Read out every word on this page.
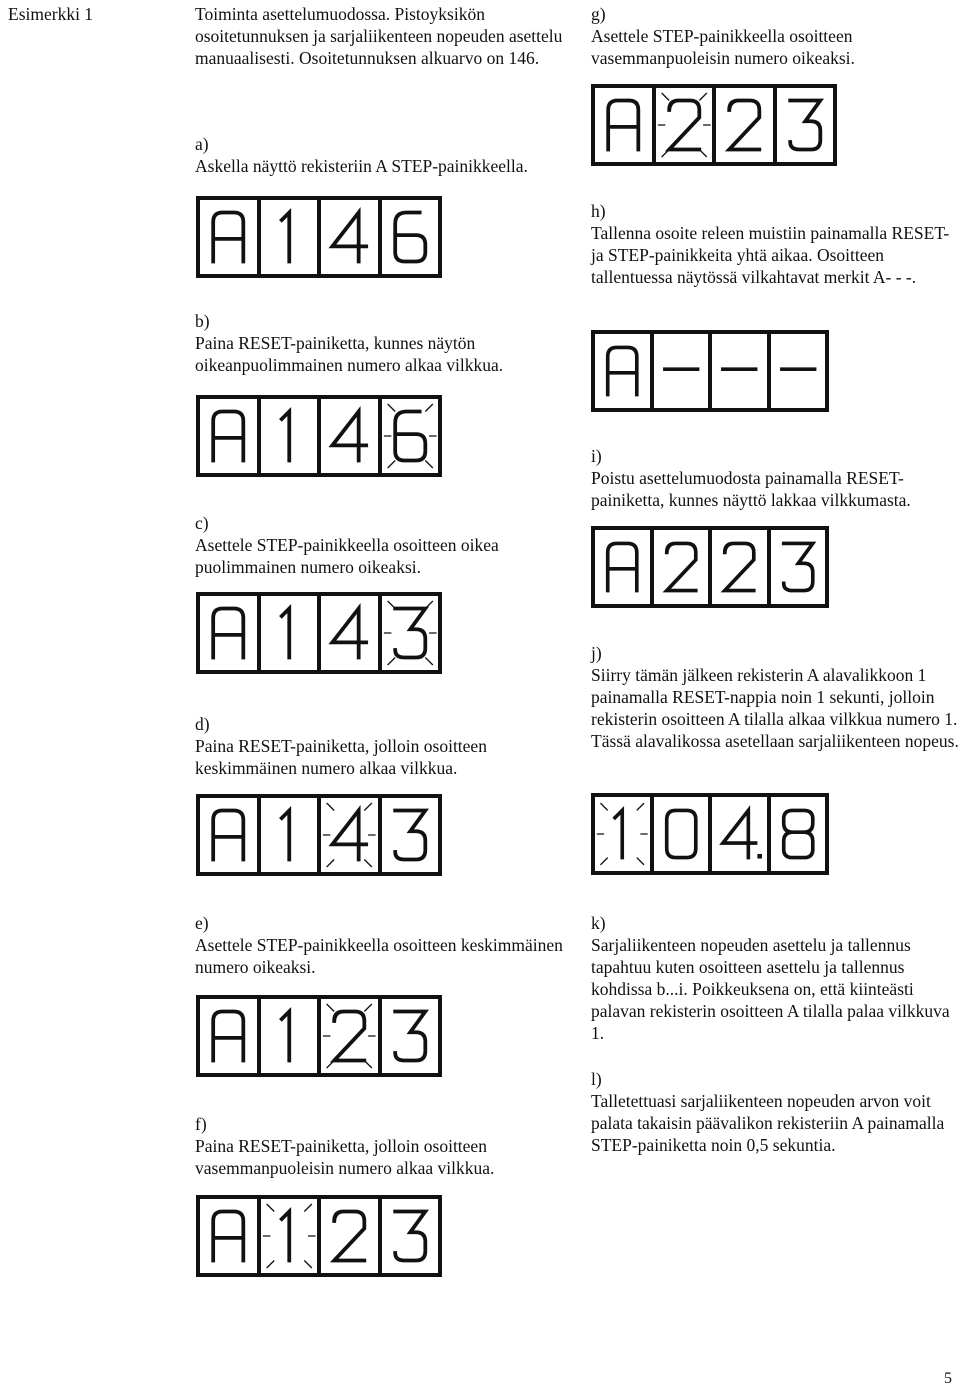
Esimerkki 1	Toiminta asettelumuodossa. Pistoyksikön osoitetunnuksen ja sarjaliikenteen nopeuden asettelu manuaalisesti. Osoitetunnuksen alkuarvo on 146.
a)
Askella näyttö rekisteriin A STEP-painikkeella.
b)
Paina RESET-painiketta, kunnes näytön oikeanpuolimmainen numero alkaa vilkkua.
c)
Asettele STEP-painikkeella osoitteen oikea puolimmainen numero oikeaksi.
d)
Paina RESET-painiketta, jolloin osoitteen keskimmäinen numero alkaa vilkkua.
e)
Asettele STEP-painikkeella osoitteen keskimmäinen numero oikeaksi.
f)
Paina RESET-painiketta, jolloin osoitteen vasemmanpuoleisin numero alkaa vilkkua.
g)
Asettele STEP-painikkeella osoitteen vasemmanpuoleisin numero oikeaksi.
h)
Tallenna osoite releen muistiin painamalla RESET- ja STEP-painikkeita yhtä aikaa. Osoitteen tallentuessa näytössä vilkahtavat merkit A- - -.
i)
Poistu asettelumuodosta painamalla RESET-painiketta, kunnes näyttö lakkaa vilkkumasta.
j)
Siirry tämän jälkeen rekisterin A alavalikkoon 1 painamalla RESET-nappia noin 1 sekunti, jolloin rekisterin osoitteen A tilalla alkaa vilkkua numero 1. Tässä alavalikossa asetellaan sarjaliikenteen nopeus.
k)
Sarjaliikenteen nopeuden asettelu ja tallennus tapahtuu kuten osoitteen asettelu ja tallennus kohdissa b...i. Poikkeuksena on, että kiinteästi palavan rekisterin osoitteen A tilalla palaa vilkkuva 1.
l)
Talletettuasi sarjaliikenteen nopeuden arvon voit palata takaisin päävalikon rekisteriin A painamalla STEP-painiketta noin 0,5 sekuntia.
5
